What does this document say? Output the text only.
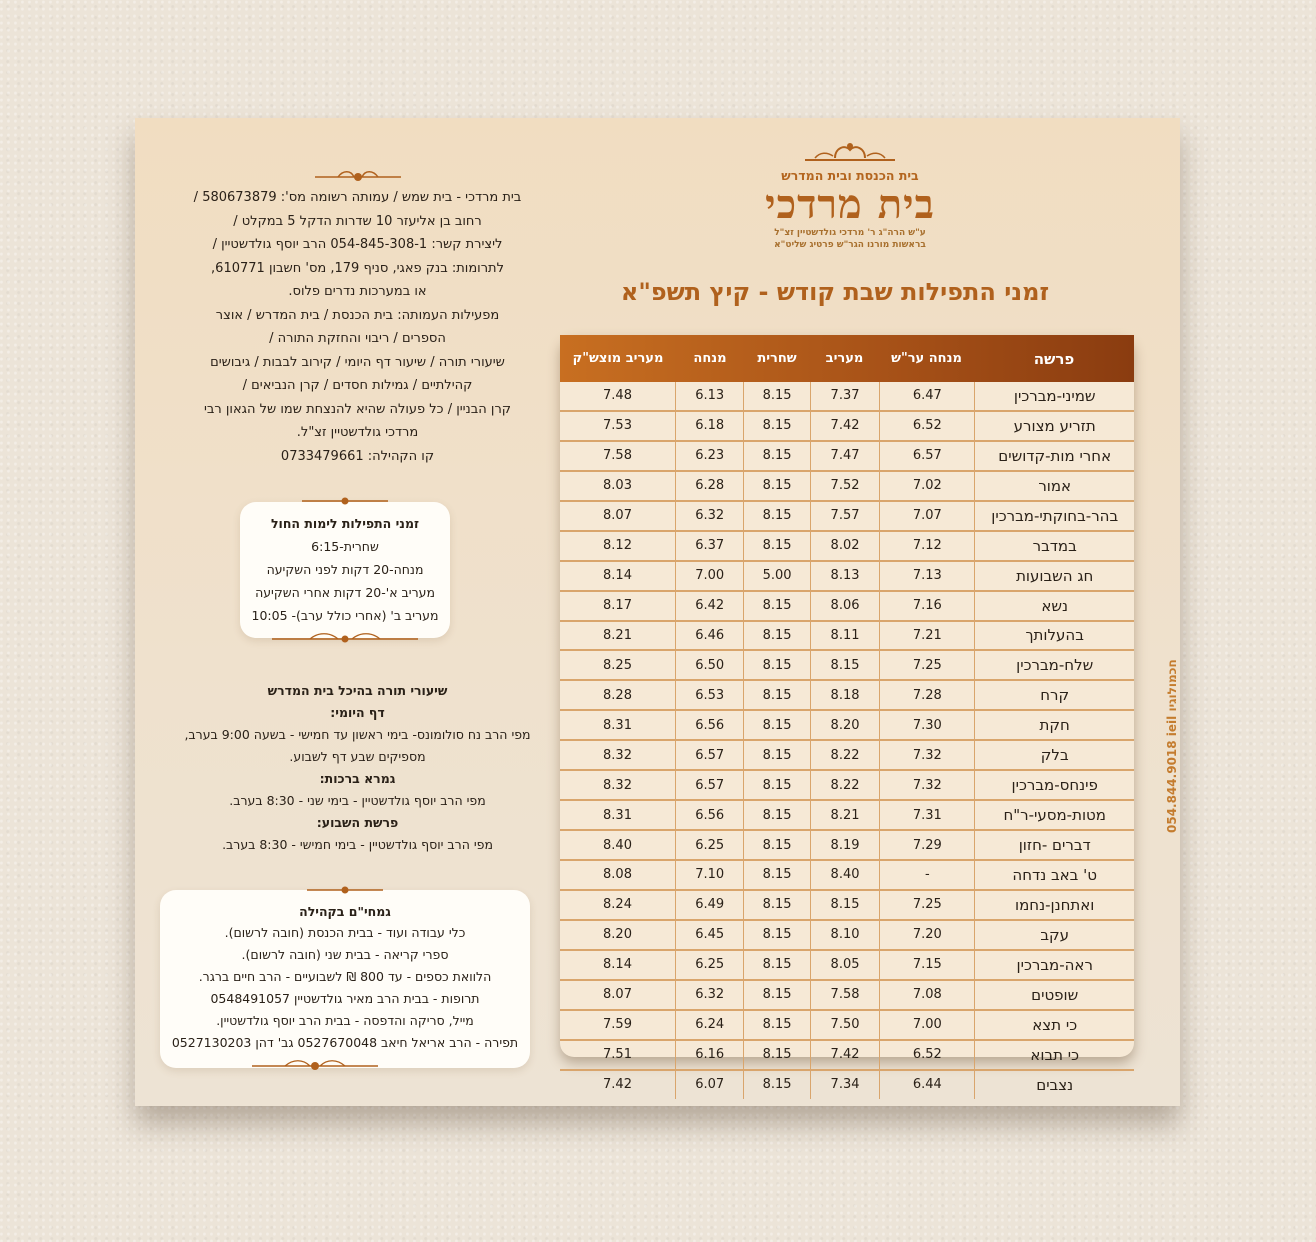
בית הכנסת ובית המדרש
בית מרדכי
ע"ש הרה"ג ר' מרדכי גולדשטיין זצ"ל
בראשות מורנו הגר"ש פרטיג שליט"א
זמני התפילות שבת קודש - קיץ תשפ"א
בית מרדכי - בית שמש / עמותה רשומה מס': 580673879 /
רחוב בן אליעזר 10 שדרות הדקל 5 במקלט /
ליצירת קשר: 054-845-308-1 הרב יוסף גולדשטיין /
לתרומות: בנק פאגי, סניף 179, מס' חשבון 610771,
או במערכות נדרים פלוס.
מפעילות העמותה: בית הכנסת / בית המדרש / אוצר
הספרים / ריבוי והחזקת התורה /
שיעורי תורה / שיעור דף היומי / קירוב לבבות / גיבושים
קהילתיים / גמילות חסדים / קרן הנביאים /
קרן הבניין / כל פעולה שהיא להנצחת שמו של הגאון רבי
מרדכי גולדשטיין זצ"ל.
קו הקהילה: 0733479661
זמני התפילות לימות החול
שחרית-6:15
מנחה-20 דקות לפני השקיעה
מעריב א'-20 דקות אחרי השקיעה
מעריב ב' (אחרי כולל ערב)- 10:05
שיעורי תורה בהיכל בית המדרש
דף היומי:
מפי הרב נח סולומונס- בימי ראשון עד חמישי - בשעה 9:00 בערב,
מספיקים שבע דף לשבוע.
גמרא ברכות:
מפי הרב יוסף גולדשטיין - בימי שני - 8:30 בערב.
פרשת השבוע:
מפי הרב יוסף גולדשטיין - בימי חמישי - 8:30 בערב.
גמחי"ם בקהילה
כלי עבודה ועוד - בבית הכנסת (חובה לרשום).
ספרי קריאה - בבית שני (חובה לרשום).
הלוואת כספים - עד 800 ₪ לשבועיים - הרב חיים ברגר.
תרופות - בבית הרב מאיר גולדשטיין 0548491057
מייל, סריקה והדפסה - בבית הרב יוסף גולדשטיין.
תפירה - הרב אריאל חיאב 0527670048 גב' דהן 0527130203
פרשה
מנחה ער"ש
מעריב
שחרית
מנחה
מעריב מוצש"ק
שמיני-מברכין
6.47
7.37
8.15
6.13
7.48
תזריע מצורע
6.52
7.42
8.15
6.18
7.53
אחרי מות-קדושים
6.57
7.47
8.15
6.23
7.58
אמור
7.02
7.52
8.15
6.28
8.03
בהר-בחוקתי-מברכין
7.07
7.57
8.15
6.32
8.07
במדבר
7.12
8.02
8.15
6.37
8.12
חג השבועות
7.13
8.13
5.00
7.00
8.14
נשא
7.16
8.06
8.15
6.42
8.17
בהעלותך
7.21
8.11
8.15
6.46
8.21
שלח-מברכין
7.25
8.15
8.15
6.50
8.25
קרח
7.28
8.18
8.15
6.53
8.28
חקת
7.30
8.20
8.15
6.56
8.31
בלק
7.32
8.22
8.15
6.57
8.32
פינחס-מברכין
7.32
8.22
8.15
6.57
8.32
מטות-מסעי-ר"ח
7.31
8.21
8.15
6.56
8.31
דברים -חזון
7.29
8.19
8.15
6.25
8.40
ט' באב נדחה
-
8.40
8.15
7.10
8.08
ואתחנן-נחמו
7.25
8.15
8.15
6.49
8.24
עקב
7.20
8.10
8.15
6.45
8.20
ראה-מברכין
7.15
8.05
8.15
6.25
8.14
שופטים
7.08
7.58
8.15
6.32
8.07
כי תצא
7.00
7.50
8.15
6.24
7.59
כי תבוא
6.52
7.42
8.15
6.16
7.51
נצבים
6.44
7.34
8.15
6.07
7.42
054.844.9018 ieil חכמולוגיו
